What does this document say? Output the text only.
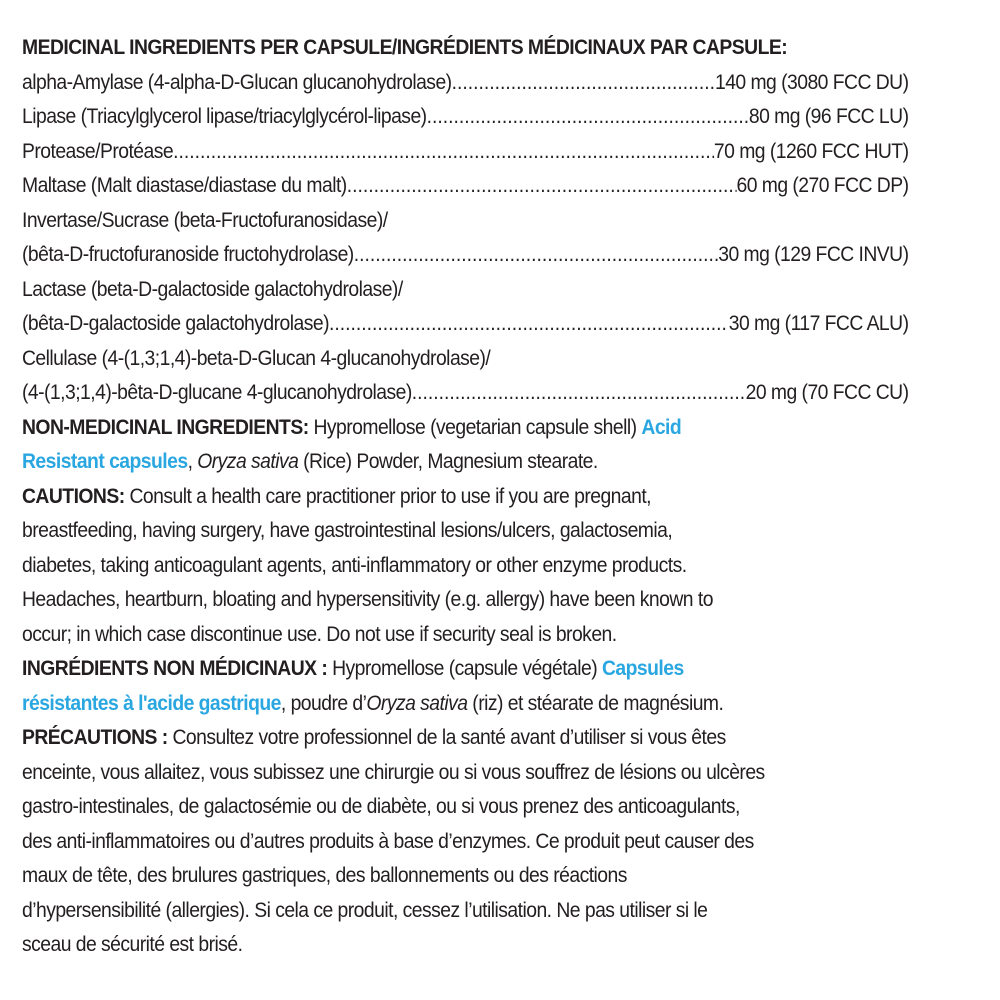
MEDICINAL INGREDIENTS PER CAPSULE/INGRÉDIENTS MÉDICINAUX PAR CAPSULE:
alpha-Amylase (4-alpha-D-Glucan glucanohydrolase) .....	140 mg (3080 FCC DU)
Lipase (Triacylglycerol lipase/triacylglycérol-lipase) .....	80 mg (96 FCC LU)
Protease/Protéase .....	70 mg (1260 FCC HUT)
Maltase (Malt diastase/diastase du malt) .....	60 mg (270 FCC DP)
Invertase/Sucrase (beta-Fructofuranosidase)/
(bêta-D-fructofuranoside fructohydrolase) .....	30 mg (129 FCC INVU)
Lactase (beta-D-galactoside galactohydrolase)/
(bêta-D-galactoside galactohydrolase) .....	30 mg (117 FCC ALU)
Cellulase (4-(1,3;1,4)-beta-D-Glucan 4-glucanohydrolase)/
(4-(1,3;1,4)-bêta-D-glucane 4-glucanohydrolase) .....	20 mg (70 FCC CU)
NON-MEDICINAL INGREDIENTS: Hypromellose (vegetarian capsule shell) Acid
Resistant capsules, Oryza sativa (Rice) Powder, Magnesium stearate.
CAUTIONS: Consult a health care practitioner prior to use if you are pregnant,
breastfeeding, having surgery, have gastrointestinal lesions/ulcers, galactosemia,
diabetes, taking anticoagulant agents, anti-inflammatory or other enzyme products.
Headaches, heartburn, bloating and hypersensitivity (e.g. allergy) have been known to
occur; in which case discontinue use. Do not use if security seal is broken.
INGRÉDIENTS NON MÉDICINAUX : Hypromellose (capsule végétale) Capsules
résistantes à l'acide gastrique, poudre d’Oryza sativa (riz) et stéarate de magnésium.
PRÉCAUTIONS : Consultez votre professionnel de la santé avant d’utiliser si vous êtes
enceinte, vous allaitez, vous subissez une chirurgie ou si vous souffrez de lésions ou ulcères
gastro-intestinales, de galactosémie ou de diabète, ou si vous prenez des anticoagulants,
des anti-inflammatoires ou d’autres produits à base d’enzymes. Ce produit peut causer des
maux de tête, des brulures gastriques, des ballonnements ou des réactions
d’hypersensibilité (allergies). Si cela ce produit, cessez l’utilisation. Ne pas utiliser si le
sceau de sécurité est brisé.
